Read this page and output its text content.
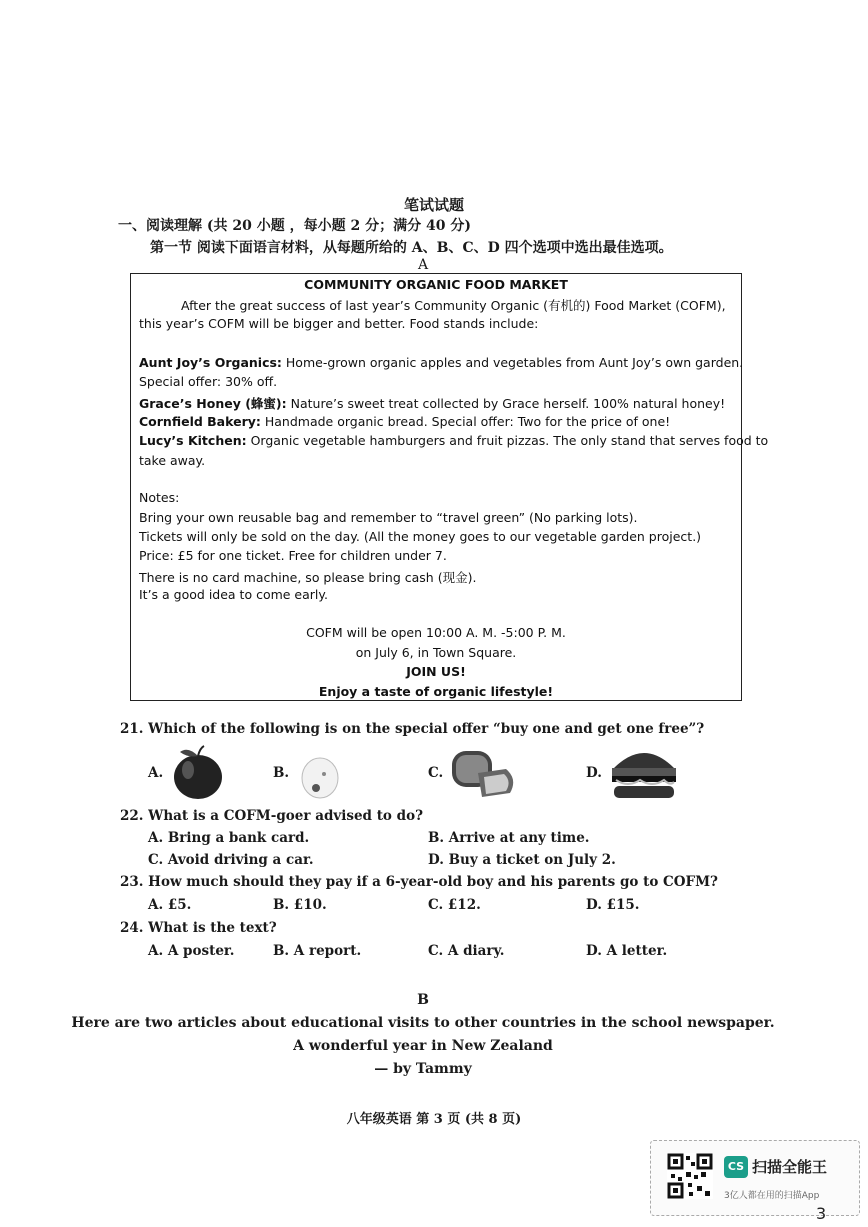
笔试试题
一、阅读理解 (共 20 小题 ，每小题 2 分；满分 40 分)
第一节 阅读下面语言材料，从每题所给的 A、B、C、D 四个选项中选出最佳选项。
A
COMMUNITY ORGANIC FOOD MARKET
After the great success of last year’s Community Organic (有机的) Food Market (COFM),
this year’s COFM will be bigger and better. Food stands include:
Aunt Joy’s Organics: Home-grown organic apples and vegetables from Aunt Joy’s own garden.
Special offer: 30% off.
Grace’s Honey (蜂蜜): Nature’s sweet treat collected by Grace herself. 100% natural honey!
Cornfield Bakery: Handmade organic bread. Special offer: Two for the price of one!
Lucy’s Kitchen: Organic vegetable hamburgers and fruit pizzas. The only stand that serves food to
take away.
Notes:
Bring your own reusable bag and remember to “travel green” (No parking lots).
Tickets will only be sold on the day. (All the money goes to our vegetable garden project.)
Price: £5 for one ticket. Free for children under 7.
There is no card machine, so please bring cash (现金).
It’s a good idea to come early.
COFM will be open 10:00 A. M. -5:00 P. M.
on July 6, in Town Square.
JOIN US!
Enjoy a taste of organic lifestyle!
21. Which of the following is on the special offer “buy one and get one free”?
A.	B.	C.	D.
22. What is a COFM-goer advised to do?
A. Bring a bank card.	B. Arrive at any time.
C. Avoid driving a car.	D. Buy a ticket on July 2.
23. How much should they pay if a 6-year-old boy and his parents go to COFM?
A. £5.	B. £10.	C. £12.	D. £15.
24. What is the text?
A. A poster.	B. A report.	C. A diary.	D. A letter.
B
Here are two articles about educational visits to other countries in the school newspaper.
A wonderful year in New Zealand
— by Tammy
八年级英语 第 3 页 (共 8 页)
CS 扫描全能王
3亿人都在用的扫描App
3
